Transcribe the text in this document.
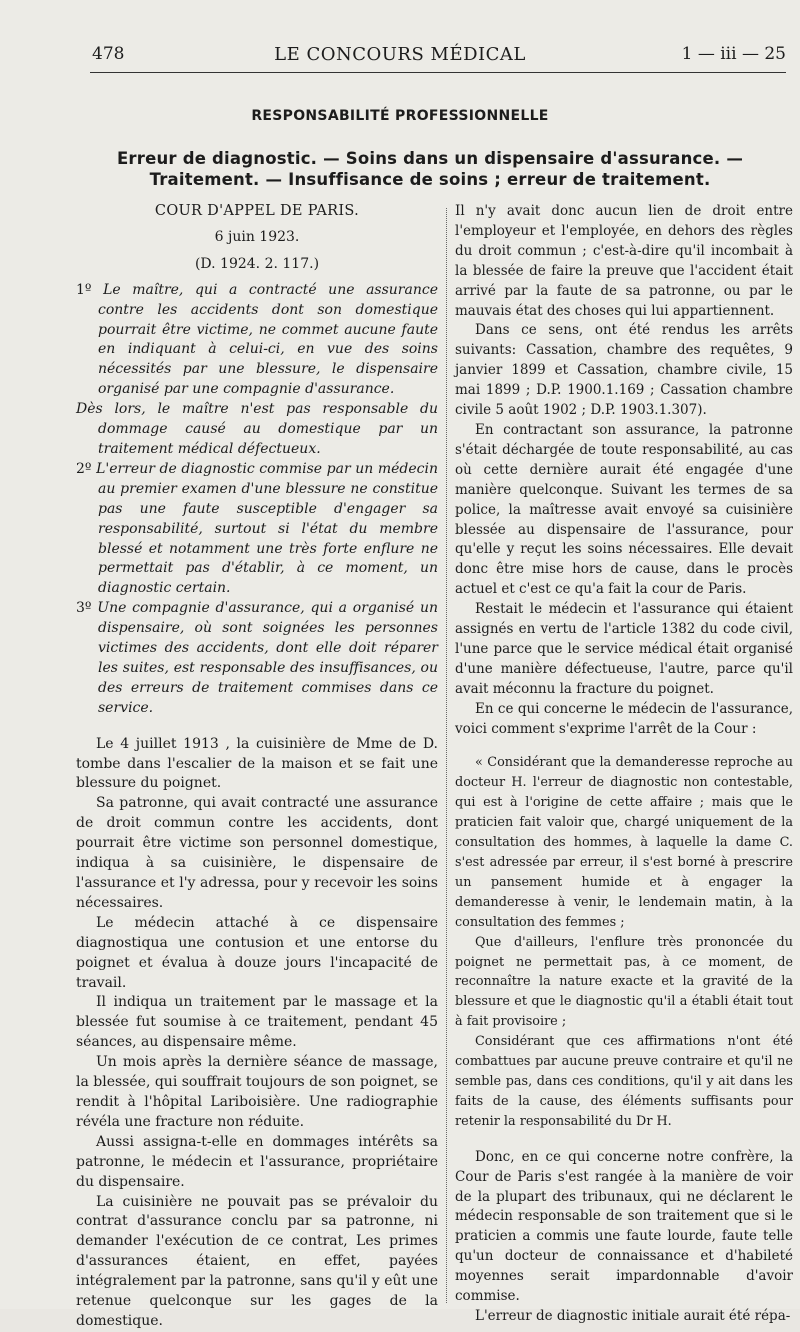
478	LE CONCOURS MÉDICAL	1 — iii — 25
RESPONSABILITÉ PROFESSIONNELLE
Erreur de diagnostic. — Soins dans un dispensaire d'assurance. —
Traitement. — Insuffisance de soins ; erreur de traitement.

COUR D'APPEL DE PARIS.

6 juin 1923.

(D. 1924. 2. 117.)

1º Le maître, qui a contracté une assurance contre les accidents dont son domestique pourrait être victime, ne commet aucune faute en indiquant à celui-ci, en vue des soins nécessités par une blessure, le dispensaire organisé par une compagnie d'assurance.

Dès lors, le maître n'est pas responsable du dommage causé au domestique par un traitement médical défectueux.

2º L'erreur de diagnostic commise par un médecin au premier examen d'une blessure ne constitue pas une faute susceptible d'engager sa responsabilité, surtout si l'état du membre blessé et notamment une très forte enflure ne permettait pas d'établir, à ce moment, un diagnostic certain.

3º Une compagnie d'assurance, qui a organisé un dispensaire, où sont soignées les personnes victimes des accidents, dont elle doit réparer les suites, est responsable des insuffisances, ou des erreurs de traitement commises dans ce service.

Le 4 juillet 1913 , la cuisinière de Mme de D. tombe dans l'escalier de la maison et se fait une blessure du poignet.

Sa patronne, qui avait contracté une assurance de droit commun contre les accidents, dont pourrait être victime son personnel domestique, indiqua à sa cuisinière, le dispensaire de l'assurance et l'y adressa, pour y recevoir les soins nécessaires.

Le médecin attaché à ce dispensaire diagnostiqua une contusion et une entorse du poignet et évalua à douze jours l'incapacité de travail.

Il indiqua un traitement par le massage et la blessée fut soumise à ce traitement, pendant 45 séances, au dispensaire même.

Un mois après la dernière séance de massage, la blessée, qui souffrait toujours de son poignet, se rendit à l'hôpital Lariboisière. Une radiographie révéla une fracture non réduite.

Aussi assigna-t-elle en dommages intérêts sa patronne, le médecin et l'assurance, propriétaire du dispensaire.

La cuisinière ne pouvait pas se prévaloir du contrat d'assurance conclu par sa patronne, ni demander l'exécution de ce contrat, Les primes d'assurances étaient, en effet, payées intégralement par la patronne, sans qu'il y eût une retenue quelconque sur les gages de la domestique.

Il n'y avait donc aucun lien de droit entre l'employeur et l'employée, en dehors des règles du droit commun ; c'est-à-dire qu'il incombait à la blessée de faire la preuve que l'accident était arrivé par la faute de sa patronne, ou par le mauvais état des choses qui lui appartiennent.

Dans ce sens, ont été rendus les arrêts suivants: Cassation, chambre des requêtes, 9 janvier 1899 et Cassation, chambre civile, 15 mai 1899 ; D.P. 1900.1.169 ; Cassation chambre civile 5 août 1902 ; D.P. 1903.1.307).

En contractant son assurance, la patronne s'était déchargée de toute responsabilité, au cas où cette dernière aurait été engagée d'une manière quelconque. Suivant les termes de sa police, la maîtresse avait envoyé sa cuisinière blessée au dispensaire de l'assurance, pour qu'elle y reçut les soins nécessaires. Elle devait donc être mise hors de cause, dans le procès actuel et c'est ce qu'a fait la cour de Paris.

Restait le médecin et l'assurance qui étaient assignés en vertu de l'article 1382 du code civil, l'une parce que le service médical était organisé d'une manière défectueuse, l'autre, parce qu'il avait méconnu la fracture du poignet.

En ce qui concerne le médecin de l'assurance, voici comment s'exprime l'arrêt de la Cour :

« Considérant que la demanderesse reproche au docteur H. l'erreur de diagnostic non contestable, qui est à l'origine de cette affaire ; mais que le praticien fait valoir que, chargé uniquement de la consultation des hommes, à laquelle la dame C. s'est adressée par erreur, il s'est borné à prescrire un pansement humide et à engager la demanderesse à venir, le lendemain matin, à la consultation des femmes ;

Que d'ailleurs, l'enflure très prononcée du poignet ne permettait pas, à ce moment, de reconnaître la nature exacte et la gravité de la blessure et que le diagnostic qu'il a établi était tout à fait provisoire ;

Considérant que ces affirmations n'ont été combattues par aucune preuve contraire et qu'il ne semble pas, dans ces conditions, qu'il y ait dans les faits de la cause, des éléments suffisants pour retenir la responsabilité du Dr H.

Donc, en ce qui concerne notre confrère, la Cour de Paris s'est rangée à la manière de voir de la plupart des tribunaux, qui ne déclarent le médecin responsable de son traitement que si le praticien a commis une faute lourde, faute telle qu'un docteur de connaissance et d'habileté moyennes serait impardonnable d'avoir commise.

L'erreur de diagnostic initiale aurait été répa-
